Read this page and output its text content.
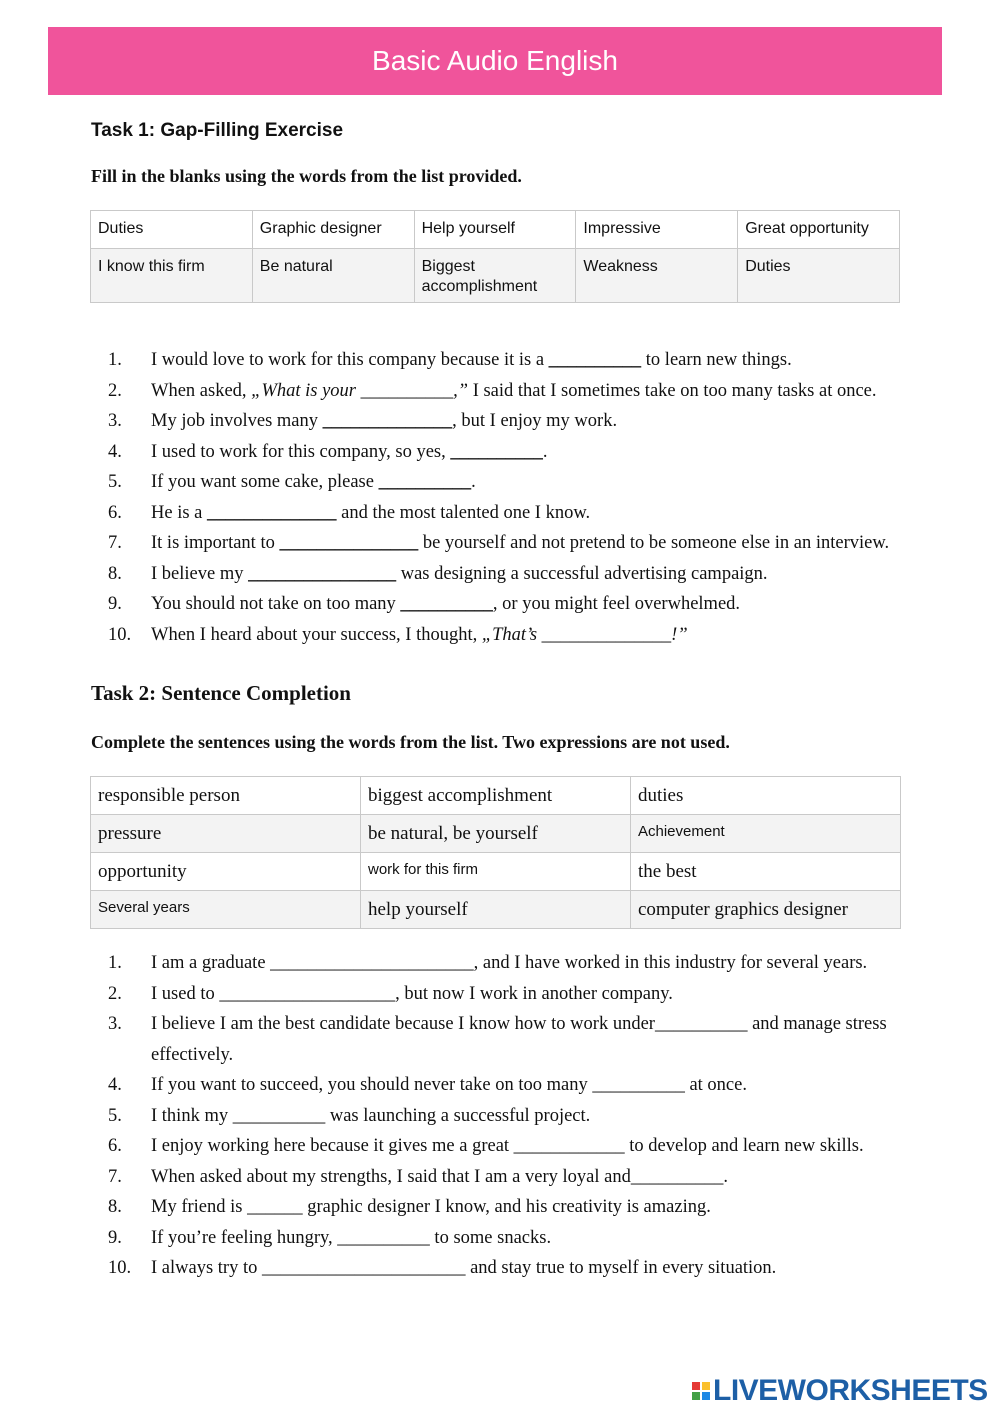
Basic Audio English
Task 1: Gap-Filling Exercise
Fill in the blanks using the words from the list provided.
Duties	Graphic designer	Help yourself	Impressive	Great opportunity
I know this firm	Be natural	Biggest accomplishment	Weakness	Duties
1.	I would love to work for this company because it is a __________ to learn new things.
2.	When asked, „What is your __________,” I said that I sometimes take on too many tasks at once.
3.	My job involves many ______________, but I enjoy my work.
4.	I used to work for this company, so yes, __________.
5.	If you want some cake, please __________.
6.	He is a ______________ and the most talented one I know.
7.	It is important to _______________ be yourself and not pretend to be someone else in an interview.
8.	I believe my ________________ was designing a successful advertising campaign.
9.	You should not take on too many __________, or you might feel overwhelmed.
10.	When I heard about your success, I thought, „That’s ______________!”
Task 2: Sentence Completion
Complete the sentences using the words from the list. Two expressions are not used.
responsible person	biggest accomplishment	duties
pressure	be natural, be yourself	Achievement
opportunity	work for this firm	the best
Several years	help yourself	computer graphics designer
1.	I am a graduate ______________________, and I have worked in this industry for several years.
2.	I used to ___________________, but now I work in another company.
3.	I believe I am the best candidate because I know how to work under__________ and manage stress effectively.
4.	If you want to succeed, you should never take on too many __________ at once.
5.	I think my __________ was launching a successful project.
6.	I enjoy working here because it gives me a great ____________ to develop and learn new skills.
7.	When asked about my strengths, I said that I am a very loyal and__________.
8.	My friend is ______ graphic designer I know, and his creativity is amazing.
9.	If you’re feeling hungry, __________ to some snacks.
10.	I always try to ______________________ and stay true to myself in every situation.
LIVEWORKSHEETS
